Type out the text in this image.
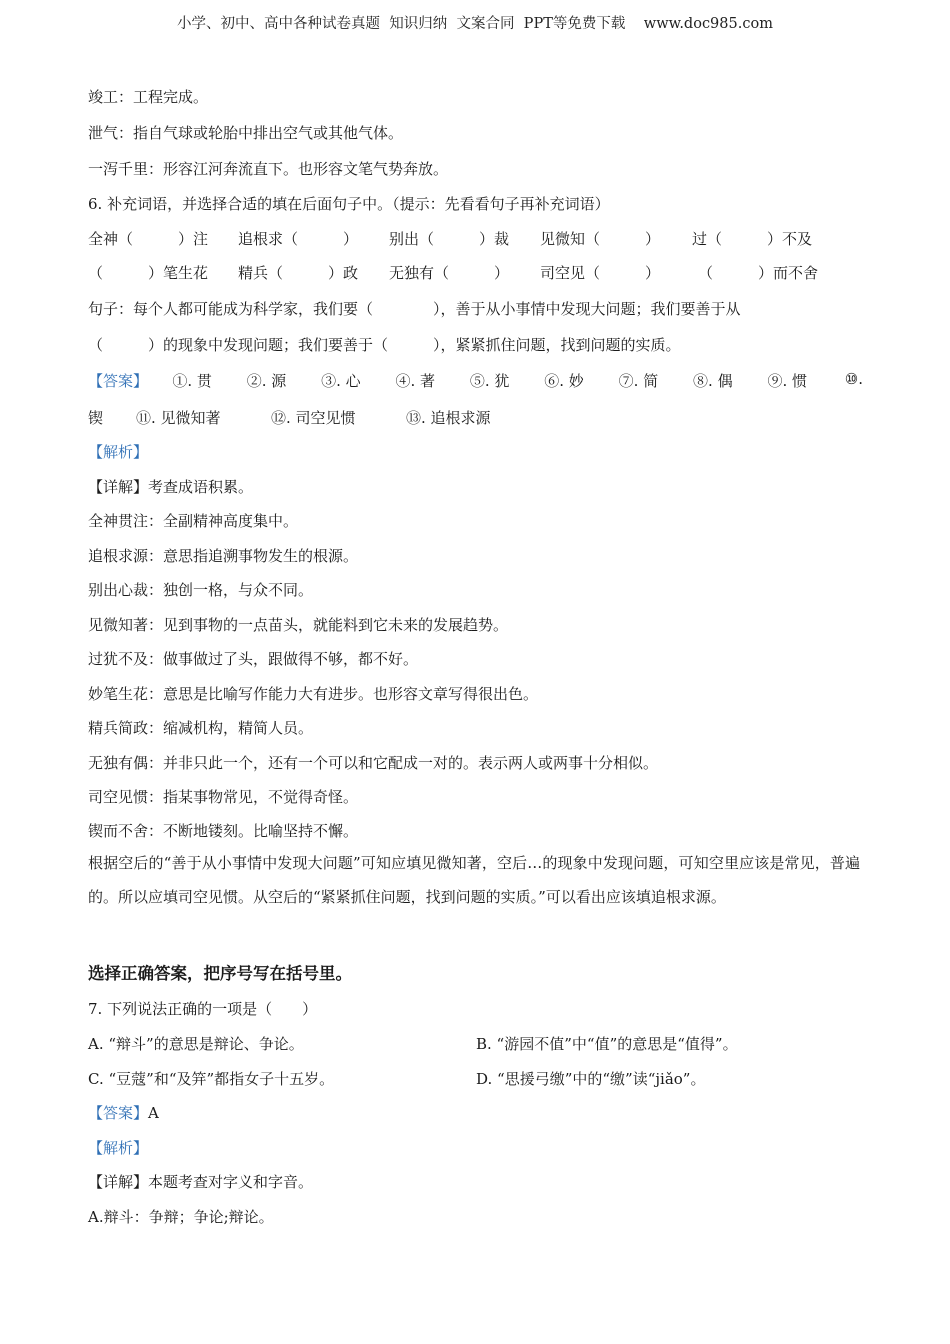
小学、初中、高中各种试卷真题  知识归纳  文案合同  PPT等免费下载    www.doc985.com
竣工：工程完成。
泄气：指自气球或轮胎中排出空气或其他气体。
一泻千里：形容江河奔流直下。也形容文笔气势奔放。
6. 补充词语，并选择合适的填在后面句子中。（提示：先看看句子再补充词语）
全神（　　　）注	追根求（　　　）	别出（　　　）裁	见微知（　　　）	过（　　　）不及
（　　　）笔生花	精兵（　　　）政	无独有（　　　）	司空见（　　　）	（　　　）而不舍
句子：每个人都可能成为科学家，我们要（　　　　），善于从小事情中发现大问题；我们要善于从
（　　　）的现象中发现问题；我们要善于（　　　），紧紧抓住问题，找到问题的实质。
【答案】	①. 贯	②. 源	③. 心	④. 著	⑤. 犹	⑥. 妙	⑦. 简	⑧. 偶	⑨. 惯	⑩.
锲	⑪. 见微知著	⑫. 司空见惯	⑬. 追根求源
【解析】
【详解】考查成语积累。
全神贯注：全副精神高度集中。
追根求源：意思指追溯事物发生的根源。
别出心裁：独创一格，与众不同。
见微知著：见到事物的一点苗头，就能料到它未来的发展趋势。
过犹不及：做事做过了头，跟做得不够，都不好。
妙笔生花：意思是比喻写作能力大有进步。也形容文章写得很出色。
精兵简政：缩减机构，精简人员。
无独有偶：并非只此一个，还有一个可以和它配成一对的。表示两人或两事十分相似。
司空见惯：指某事物常见，不觉得奇怪。
锲而不舍：不断地镂刻。比喻坚持不懈。
根据空后的“善于从小事情中发现大问题”可知应填见微知著，空后…的现象中发现问题，可知空里应该是常见，普遍的。所以应填司空见惯。从空后的“紧紧抓住问题，找到问题的实质。”可以看出应该填追根求源。
选择正确答案，把序号写在括号里。
7. 下列说法正确的一项是（　　）
A. “辩斗”的意思是辩论、争论。	B. “游园不值”中“值”的意思是“值得”。
C. “豆蔻”和“及笄”都指女子十五岁。	D. “思援弓缴”中的“缴”读“jiǎo”。
【答案】A
【解析】
【详解】本题考查对字义和字音。
A.辩斗：争辩；争论;辩论。
